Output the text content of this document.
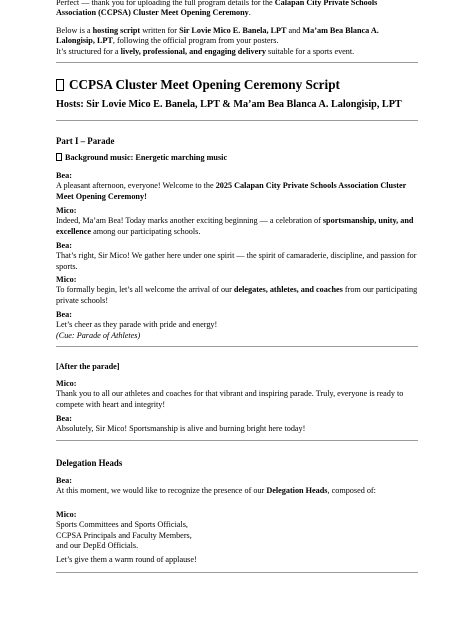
Perfect — thank you for uploading the full program details for the Calapan City Private Schools Association (CCPSA) Cluster Meet Opening Ceremony.

Below is a hosting script written for Sir Lovie Mico E. Banela, LPT and Ma’am Bea Blanca A. Lalongisip, LPT, following the official program from your posters.

It’s structured for a lively, professional, and engaging delivery suitable for a sports event.

CCPSA Cluster Meet Opening Ceremony Script

Hosts: Sir Lovie Mico E. Banela, LPT & Ma’am Bea Blanca A. Lalongisip, LPT

Part I – Parade

Background music: Energetic marching music

Bea:

A pleasant afternoon, everyone! Welcome to the 2025 Calapan City Private Schools Association Cluster Meet Opening Ceremony!

Mico:

Indeed, Ma’am Bea! Today marks another exciting beginning — a celebration of sportsmanship, unity, and excellence among our participating schools.

Bea:

That’s right, Sir Mico! We gather here under one spirit — the spirit of camaraderie, discipline, and passion for sports.

Mico:

To formally begin, let’s all welcome the arrival of our delegates, athletes, and coaches from our participating private schools!

Bea:

Let’s cheer as they parade with pride and energy!

(Cue: Parade of Athletes)

[After the parade]

Mico:

Thank you to all our athletes and coaches for that vibrant and inspiring parade. Truly, everyone is ready to compete with heart and integrity!

Bea:

Absolutely, Sir Mico! Sportsmanship is alive and burning bright here today!

Delegation Heads

Bea:

At this moment, we would like to recognize the presence of our Delegation Heads, composed of:

Mico:

Sports Committees and Sports Officials,

CCPSA Principals and Faculty Members,

and our DepEd Officials.

Let’s give them a warm round of applause!
